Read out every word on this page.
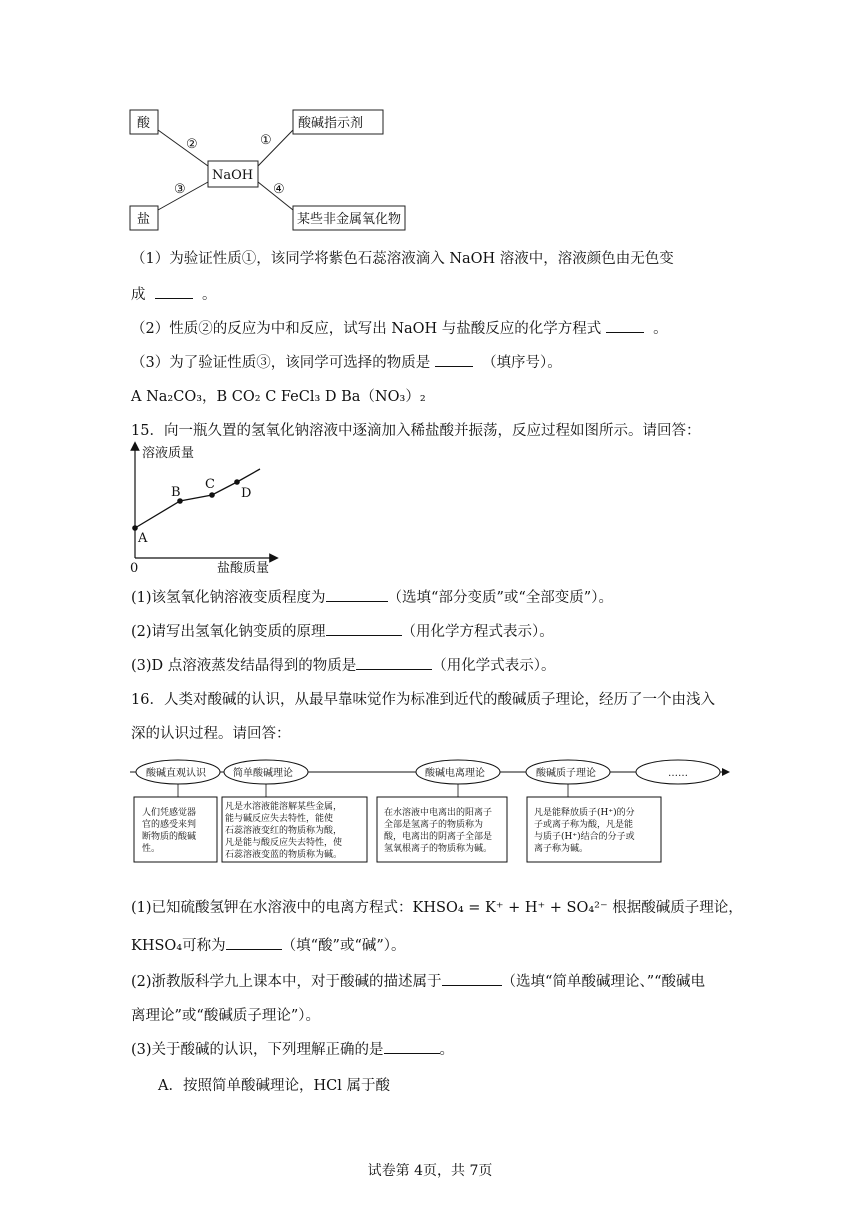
酸	酸碱指示剂
NaOH
盐	某些非金属氧化物
②	①
③	④
（1）为验证性质①，该同学将紫色石蕊溶液滴入 NaOH 溶液中，溶液颜色由无色变
成	。
（2）性质②的反应为中和反应，试写出 NaOH 与盐酸反应的化学方程式	。
（3）为了验证性质③，该同学可选择的物质是	（填序号）。
A Na₂CO₃，B CO₂ C FeCl₃ D Ba（NO₃）₂
15．向一瓶久置的氢氧化钠溶液中逐滴加入稀盐酸并振荡，反应过程如图所示。请回答：
溶液质量
盐酸质量
0
A
B
C
D
(1)该氢氧化钠溶液变质程度为	（选填“部分变质”或“全部变质”）。
(2)请写出氢氧化钠变质的原理	（用化学方程式表示）。
(3)D 点溶液蒸发结晶得到的物质是	（用化学式表示）。
16．人类对酸碱的认识，从最早靠味觉作为标准到近代的酸碱质子理论，经历了一个由浅入
深的认识过程。请回答：
酸碱直观认识	简单酸碱理论	酸碱电离理论	酸碱质子理论	……
人们凭感觉器
官的感受来判
断物质的酸碱
性。
凡是水溶液能溶解某些金属，
能与碱反应失去特性，能使
石蕊溶液变红的物质称为酸，
凡是能与酸反应失去特性，使
石蕊溶液变蓝的物质称为碱。
在水溶液中电离出的阳离子
全部是氢离子的物质称为
酸，电离出的阴离子全部是
氢氧根离子的物质称为碱。
凡是能释放质子(H⁺)的分
子或离子称为酸，凡是能
与质子(H⁺)结合的分子或
离子称为碱。
(1)已知硫酸氢钾在水溶液中的电离方程式：KHSO₄ = K⁺ + H⁺ + SO₄²⁻ 根据酸碱质子理论，
KHSO₄可称为	（填“酸”或“碱”）。
(2)浙教版科学九上课本中，对于酸碱的描述属于	（选填“简单酸碱理论、”“酸碱电
离理论”或“酸碱质子理论”）。
(3)关于酸碱的认识，下列理解正确的是	。
A．按照简单酸碱理论，HCl 属于酸
试卷第 4页，共 7页
